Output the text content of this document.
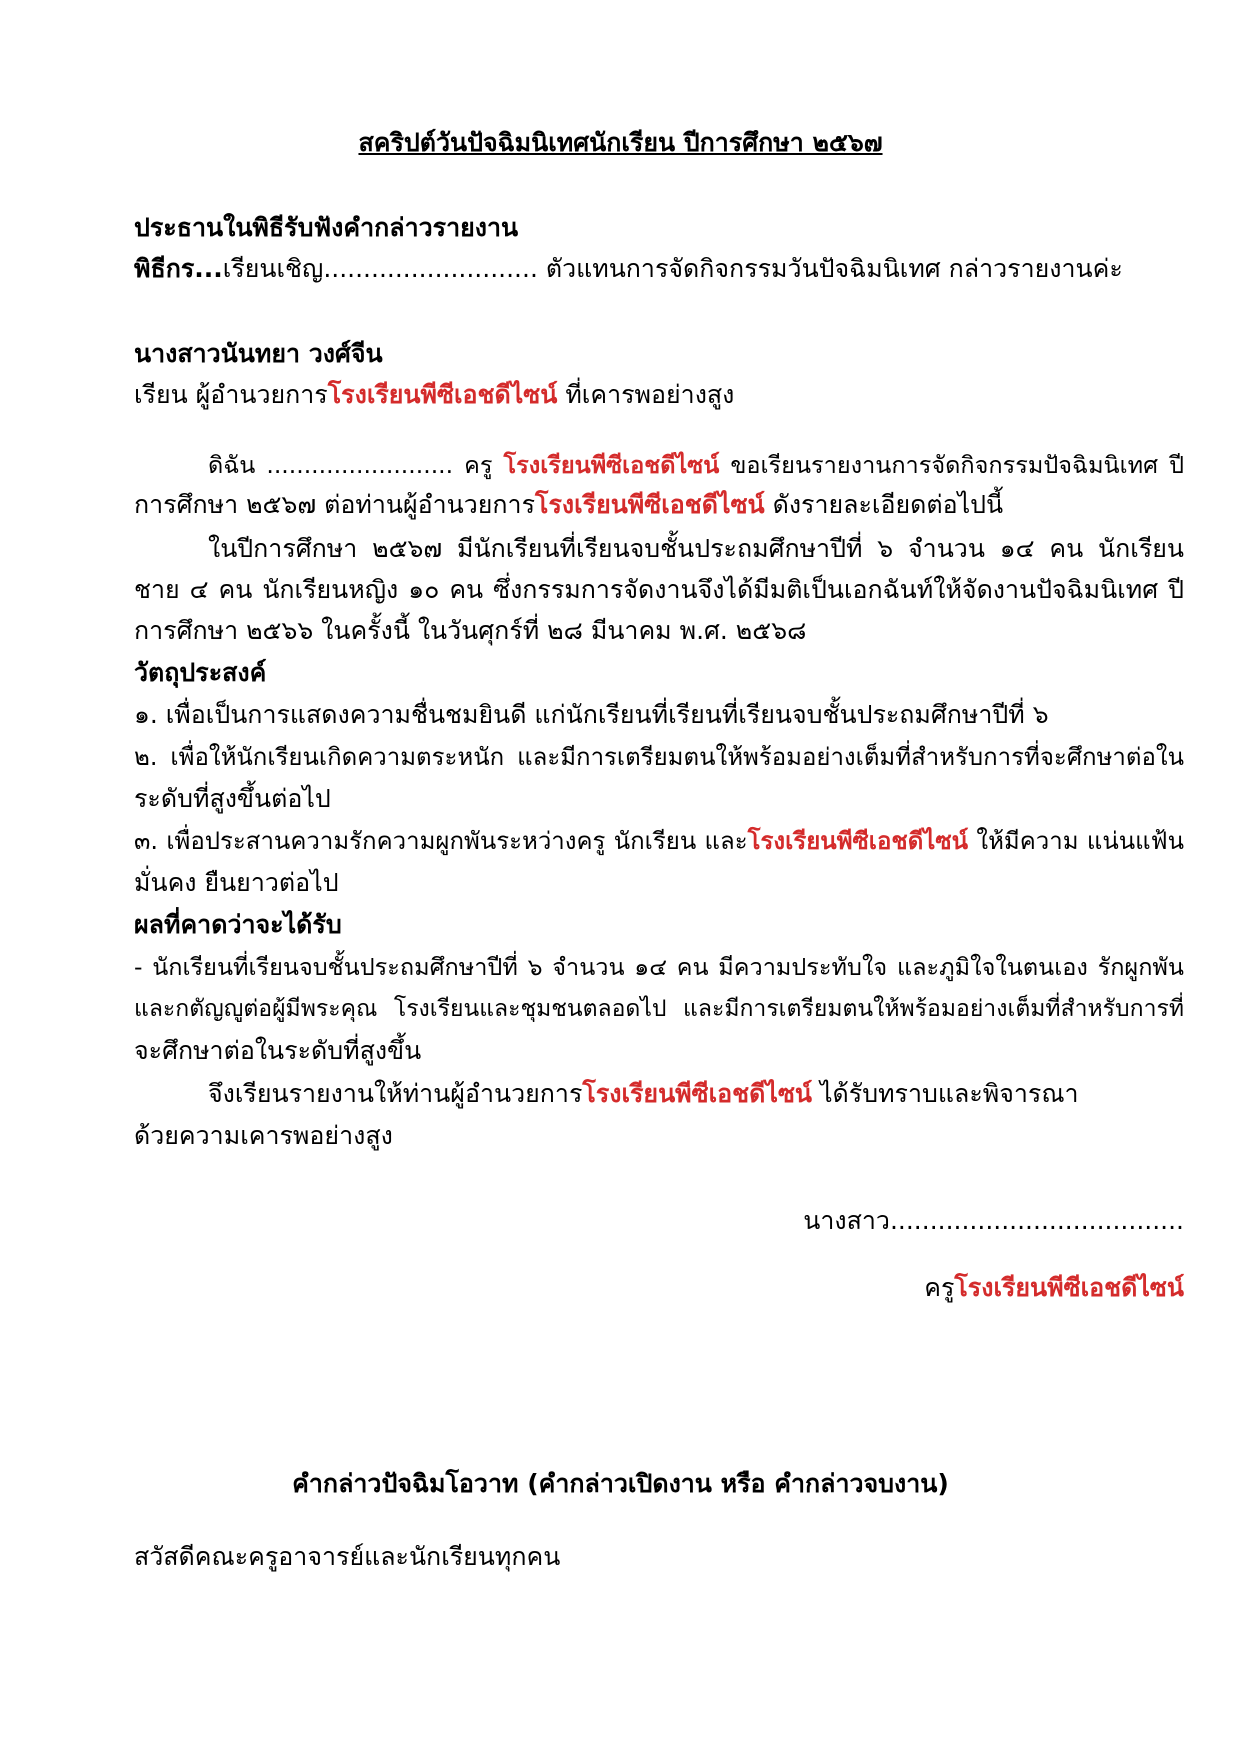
สคริปต์วันปัจฉิมนิเทศนักเรียน ปีการศึกษา ๒๕๖๗
ประธานในพิธีรับฟังคำกล่าวรายงาน
พิธีกร...เรียนเชิญ........................... ตัวแทนการจัดกิจกรรมวันปัจฉิมนิเทศ กล่าวรายงานค่ะ
นางสาวนันทยา วงศ์จีน
เรียน ผู้อำนวยการโรงเรียนพีซีเอชดีไซน์ ที่เคารพอย่างสูง
ดิฉัน ......................... ครู โรงเรียนพีซีเอชดีไซน์ ขอเรียนรายงานการจัดกิจกรรมปัจฉิมนิเทศ ปี
การศึกษา ๒๕๖๗ ต่อท่านผู้อำนวยการโรงเรียนพีซีเอชดีไซน์ ดังรายละเอียดต่อไปนี้
ในปีการศึกษา ๒๕๖๗ มีนักเรียนที่เรียนจบชั้นประถมศึกษาปีที่ ๖ จำนวน ๑๔ คน นักเรียน
ชาย ๔ คน นักเรียนหญิง ๑๐ คน ซึ่งกรรมการจัดงานจึงได้มีมติเป็นเอกฉันท์ให้จัดงานปัจฉิมนิเทศ ปี
การศึกษา ๒๕๖๖ ในครั้งนี้ ในวันศุกร์ที่ ๒๘ มีนาคม พ.ศ. ๒๕๖๘
วัตถุประสงค์
๑. เพื่อเป็นการแสดงความชื่นชมยินดี แก่นักเรียนที่เรียนที่เรียนจบชั้นประถมศึกษาปีที่ ๖
๒. เพื่อให้นักเรียนเกิดความตระหนัก และมีการเตรียมตนให้พร้อมอย่างเต็มที่สำหรับการที่จะศึกษาต่อใน
ระดับที่สูงขึ้นต่อไป
๓. เพื่อประสานความรักความผูกพันระหว่างครู นักเรียน และโรงเรียนพีซีเอชดีไซน์ ให้มีความ แน่นแฟ้น
มั่นคง ยืนยาวต่อไป
ผลที่คาดว่าจะได้รับ
- นักเรียนที่เรียนจบชั้นประถมศึกษาปีที่ ๖ จำนวน ๑๔ คน มีความประทับใจ และภูมิใจในตนเอง รักผูกพัน
และกตัญญูต่อผู้มีพระคุณ โรงเรียนและชุมชนตลอดไป และมีการเตรียมตนให้พร้อมอย่างเต็มที่สำหรับการที่
จะศึกษาต่อในระดับที่สูงขึ้น
จึงเรียนรายงานให้ท่านผู้อำนวยการโรงเรียนพีซีเอชดีไซน์ ได้รับทราบและพิจารณา
ด้วยความเคารพอย่างสูง
นางสาว.....................................
ครูโรงเรียนพีซีเอชดีไซน์
คำกล่าวปัจฉิมโอวาท (คำกล่าวเปิดงาน หรือ คำกล่าวจบงาน)
สวัสดีคณะครูอาจารย์และนักเรียนทุกคน
